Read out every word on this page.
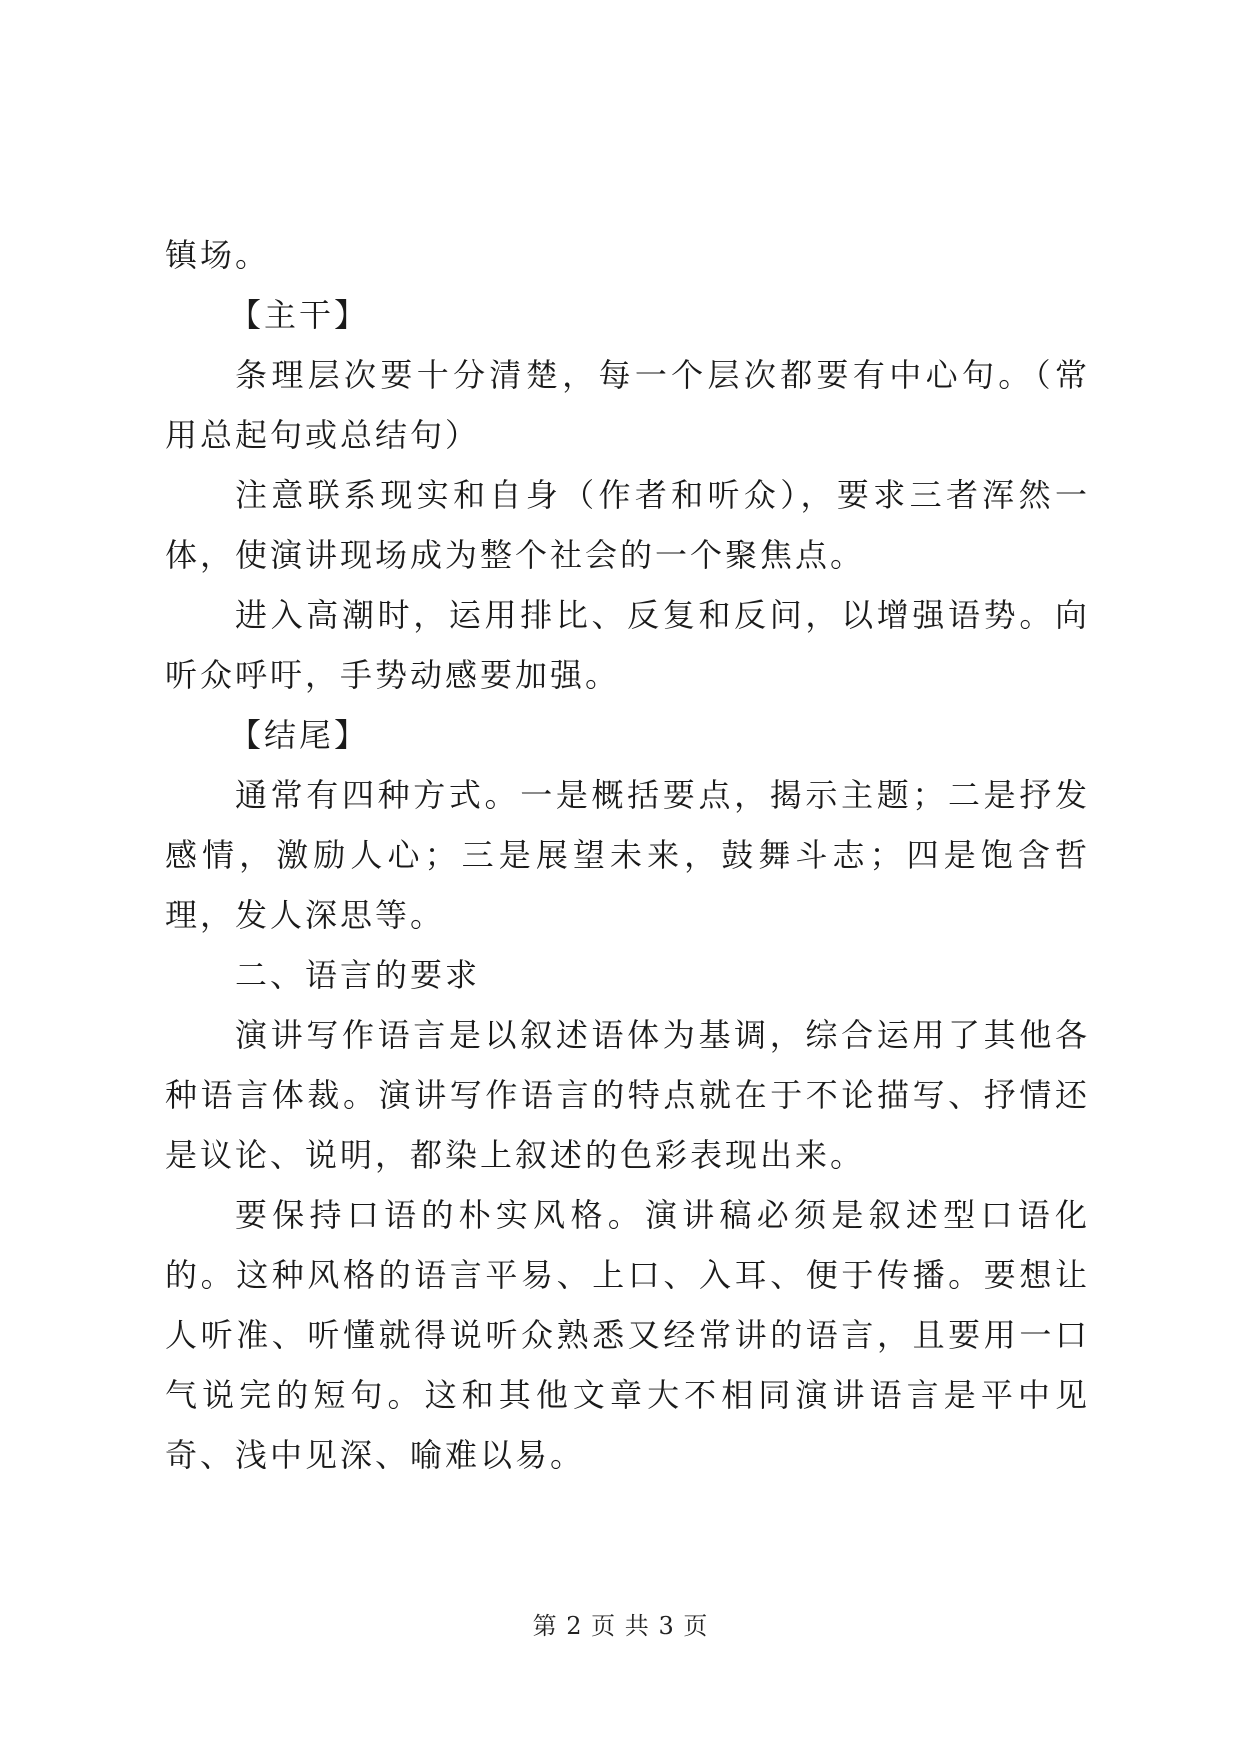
镇场。

【主干】

条理层次要十分清楚，每一个层次都要有中心句。（常用总起句或总结句）

注意联系现实和自身（作者和听众），要求三者浑然一体，使演讲现场成为整个社会的一个聚焦点。

进入高潮时，运用排比、反复和反问，以增强语势。向听众呼吁，手势动感要加强。

【结尾】

通常有四种方式。一是概括要点，揭示主题；二是抒发感情，激励人心；三是展望未来，鼓舞斗志；四是饱含哲理，发人深思等。

二、语言的要求

演讲写作语言是以叙述语体为基调，综合运用了其他各种语言体裁。演讲写作语言的特点就在于不论描写、抒情还是议论、说明，都染上叙述的色彩表现出来。

要保持口语的朴实风格。演讲稿必须是叙述型口语化的。这种风格的语言平易、上口、入耳、便于传播。要想让人听准、听懂就得说听众熟悉又经常讲的语言，且要用一口气说完的短句。这和其他文章大不相同演讲语言是平中见奇、浅中见深、喻难以易。

第 2 页 共 3 页
